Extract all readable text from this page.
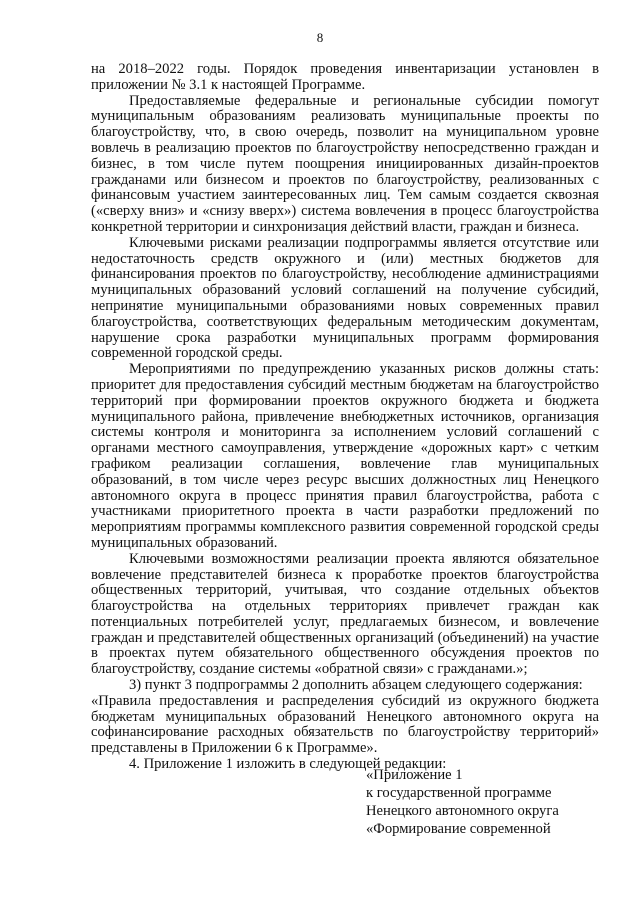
8

на 2018–2022 годы. Порядок проведения инвентаризации установлен в приложении № 3.1 к настоящей Программе.

Предоставляемые федеральные и региональные субсидии помогут муниципальным образованиям реализовать муниципальные проекты по благоустройству, что, в свою очередь, позволит на муниципальном уровне вовлечь в реализацию проектов по благоустройству непосредственно граждан и бизнес, в том числе путем поощрения инициированных дизайн-проектов гражданами или бизнесом и проектов по благоустройству, реализованных с финансовым участием заинтересованных лиц. Тем самым создается сквозная («сверху вниз» и «снизу вверх») система вовлечения в процесс благоустройства конкретной территории и синхронизация действий власти, граждан и бизнеса.

Ключевыми рисками реализации подпрограммы является отсутствие или недостаточность средств окружного и (или) местных бюджетов для финансирования проектов по благоустройству, несоблюдение администрациями муниципальных образований условий соглашений на получение субсидий, непринятие муниципальными образованиями новых современных правил благоустройства, соответствующих федеральным методическим документам, нарушение срока разработки муниципальных программ формирования современной городской среды.

Мероприятиями по предупреждению указанных рисков должны стать: приоритет для предоставления субсидий местным бюджетам на благоустройство территорий при формировании проектов окружного бюджета и бюджета муниципального района, привлечение внебюджетных источников, организация системы контроля и мониторинга за исполнением условий соглашений с органами местного самоуправления, утверждение «дорожных карт» с четким графиком реализации соглашения, вовлечение глав муниципальных образований, в том числе через ресурс высших должностных лиц Ненецкого автономного округа в процесс принятия правил благоустройства, работа с участниками приоритетного проекта в части разработки предложений по мероприятиям программы комплексного развития современной городской среды муниципальных образований.

Ключевыми возможностями реализации проекта являются обязательное вовлечение представителей бизнеса к проработке проектов благоустройства общественных территорий, учитывая, что создание отдельных объектов благоустройства на отдельных территориях привлечет граждан как потенциальных потребителей услуг, предлагаемых бизнесом, и вовлечение граждан и представителей общественных организаций (объединений) на участие в проектах путем обязательного общественного обсуждения проектов по благоустройству, создание системы «обратной связи» с гражданами.»;

3) пункт 3 подпрограммы 2 дополнить абзацем следующего содержания:

«Правила предоставления и распределения субсидий из окружного бюджета бюджетам муниципальных образований Ненецкого автономного округа на софинансирование расходных обязательств по благоустройству территорий» представлены в Приложении 6 к Программе».

4. Приложение 1 изложить в следующей редакции:

«Приложение 1
к государственной программе
Ненецкого автономного округа
«Формирование современной
